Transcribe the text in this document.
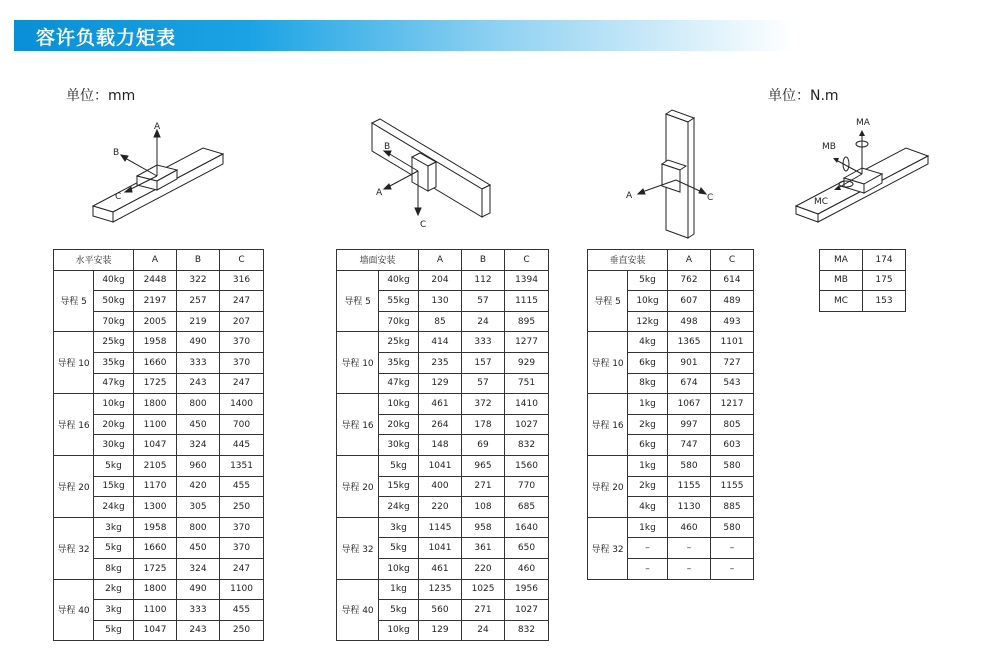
容许负载力矩表
单位：mm	单位：N.m
A
B
C
B
A
C
A	C
MA
MB
MC
水平安装		A	B	C
导程 5	40kg	2448	322	316
	50kg	2197	257	247
	70kg	2005	219	207
导程 10	25kg	1958	490	370
	35kg	1660	333	370
	47kg	1725	243	247
导程 16	10kg	1800	800	1400
	20kg	1100	450	700
	30kg	1047	324	445
导程 20	5kg	2105	960	1351
	15kg	1170	420	455
	24kg	1300	305	250
导程 32	3kg	1958	800	370
	5kg	1660	450	370
	8kg	1725	324	247
导程 40	2kg	1800	490	1100
	3kg	1100	333	455
	5kg	1047	243	250
墙面安装		A	B	C
导程 5	40kg	204	112	1394
	55kg	130	57	1115
	70kg	85	24	895
导程 10	25kg	414	333	1277
	35kg	235	157	929
	47kg	129	57	751
导程 16	10kg	461	372	1410
	20kg	264	178	1027
	30kg	148	69	832
导程 20	5kg	1041	965	1560
	15kg	400	271	770
	24kg	220	108	685
导程 32	3kg	1145	958	1640
	5kg	1041	361	650
	10kg	461	220	460
导程 40	1kg	1235	1025	1956
	5kg	560	271	1027
	10kg	129	24	832
垂直安装		A	C
导程 5	5kg	762	614
	10kg	607	489
	12kg	498	493
导程 10	4kg	1365	1101
	6kg	901	727
	8kg	674	543
导程 16	1kg	1067	1217
	2kg	997	805
	6kg	747	603
导程 20	1kg	580	580
	2kg	1155	1155
	4kg	1130	885
导程 32	1kg	460	580
	–	–	–
	–	–	–
MA	174
MB	175
MC	153
